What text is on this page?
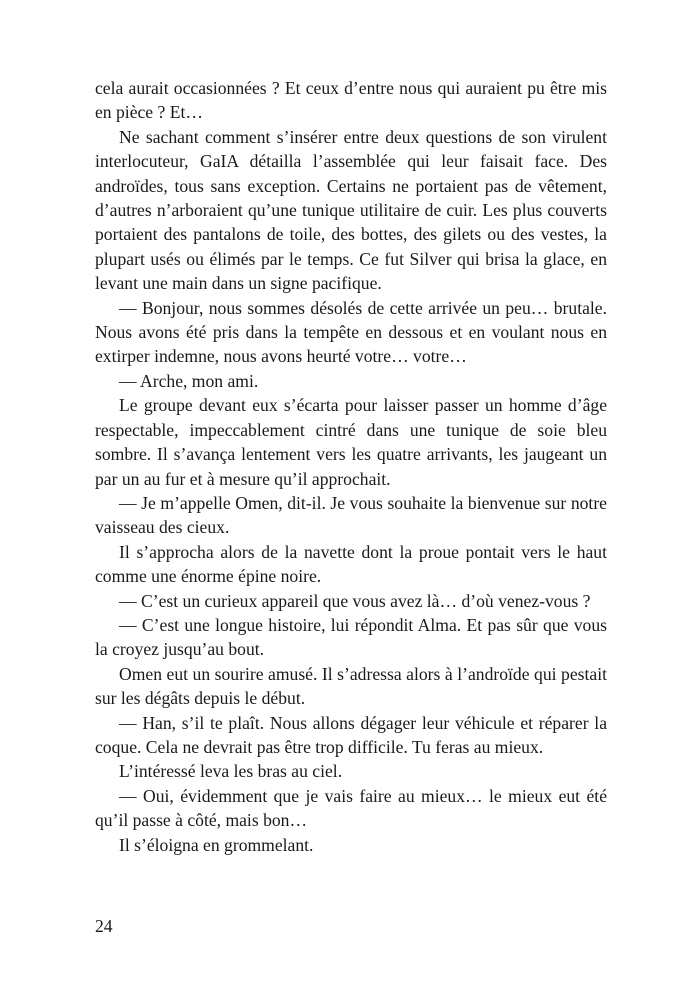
cela aurait occasionnées ? Et ceux d’entre nous qui auraient pu être mis en pièce ? Et…

Ne sachant comment s’insérer entre deux questions de son virulent interlocuteur, GaIA détailla l’assemblée qui leur faisait face. Des androïdes, tous sans exception. Certains ne portaient pas de vêtement, d’autres n’arboraient qu’une tunique utilitaire de cuir. Les plus couverts portaient des pantalons de toile, des bottes, des gilets ou des vestes, la plupart usés ou élimés par le temps. Ce fut Silver qui brisa la glace, en levant une main dans un signe pacifique.

— Bonjour, nous sommes désolés de cette arrivée un peu… brutale. Nous avons été pris dans la tempête en dessous et en voulant nous en extirper indemne, nous avons heurté votre… votre…

— Arche, mon ami.

Le groupe devant eux s’écarta pour laisser passer un homme d’âge respectable, impeccablement cintré dans une tunique de soie bleu sombre. Il s’avança lentement vers les quatre arrivants, les jaugeant un par un au fur et à mesure qu’il approchait.

— Je m’appelle Omen, dit-il. Je vous souhaite la bienvenue sur notre vaisseau des cieux.

Il s’approcha alors de la navette dont la proue pontait vers le haut comme une énorme épine noire.

— C’est un curieux appareil que vous avez là… d’où venez-vous ?

— C’est une longue histoire, lui répondit Alma. Et pas sûr que vous la croyez jusqu’au bout.

Omen eut un sourire amusé. Il s’adressa alors à l’androïde qui pestait sur les dégâts depuis le début.

— Han, s’il te plaît. Nous allons dégager leur véhicule et réparer la coque. Cela ne devrait pas être trop difficile. Tu feras au mieux.

L’intéressé leva les bras au ciel.

— Oui, évidemment que je vais faire au mieux… le mieux eut été qu’il passe à côté, mais bon…

Il s’éloigna en grommelant.

24
